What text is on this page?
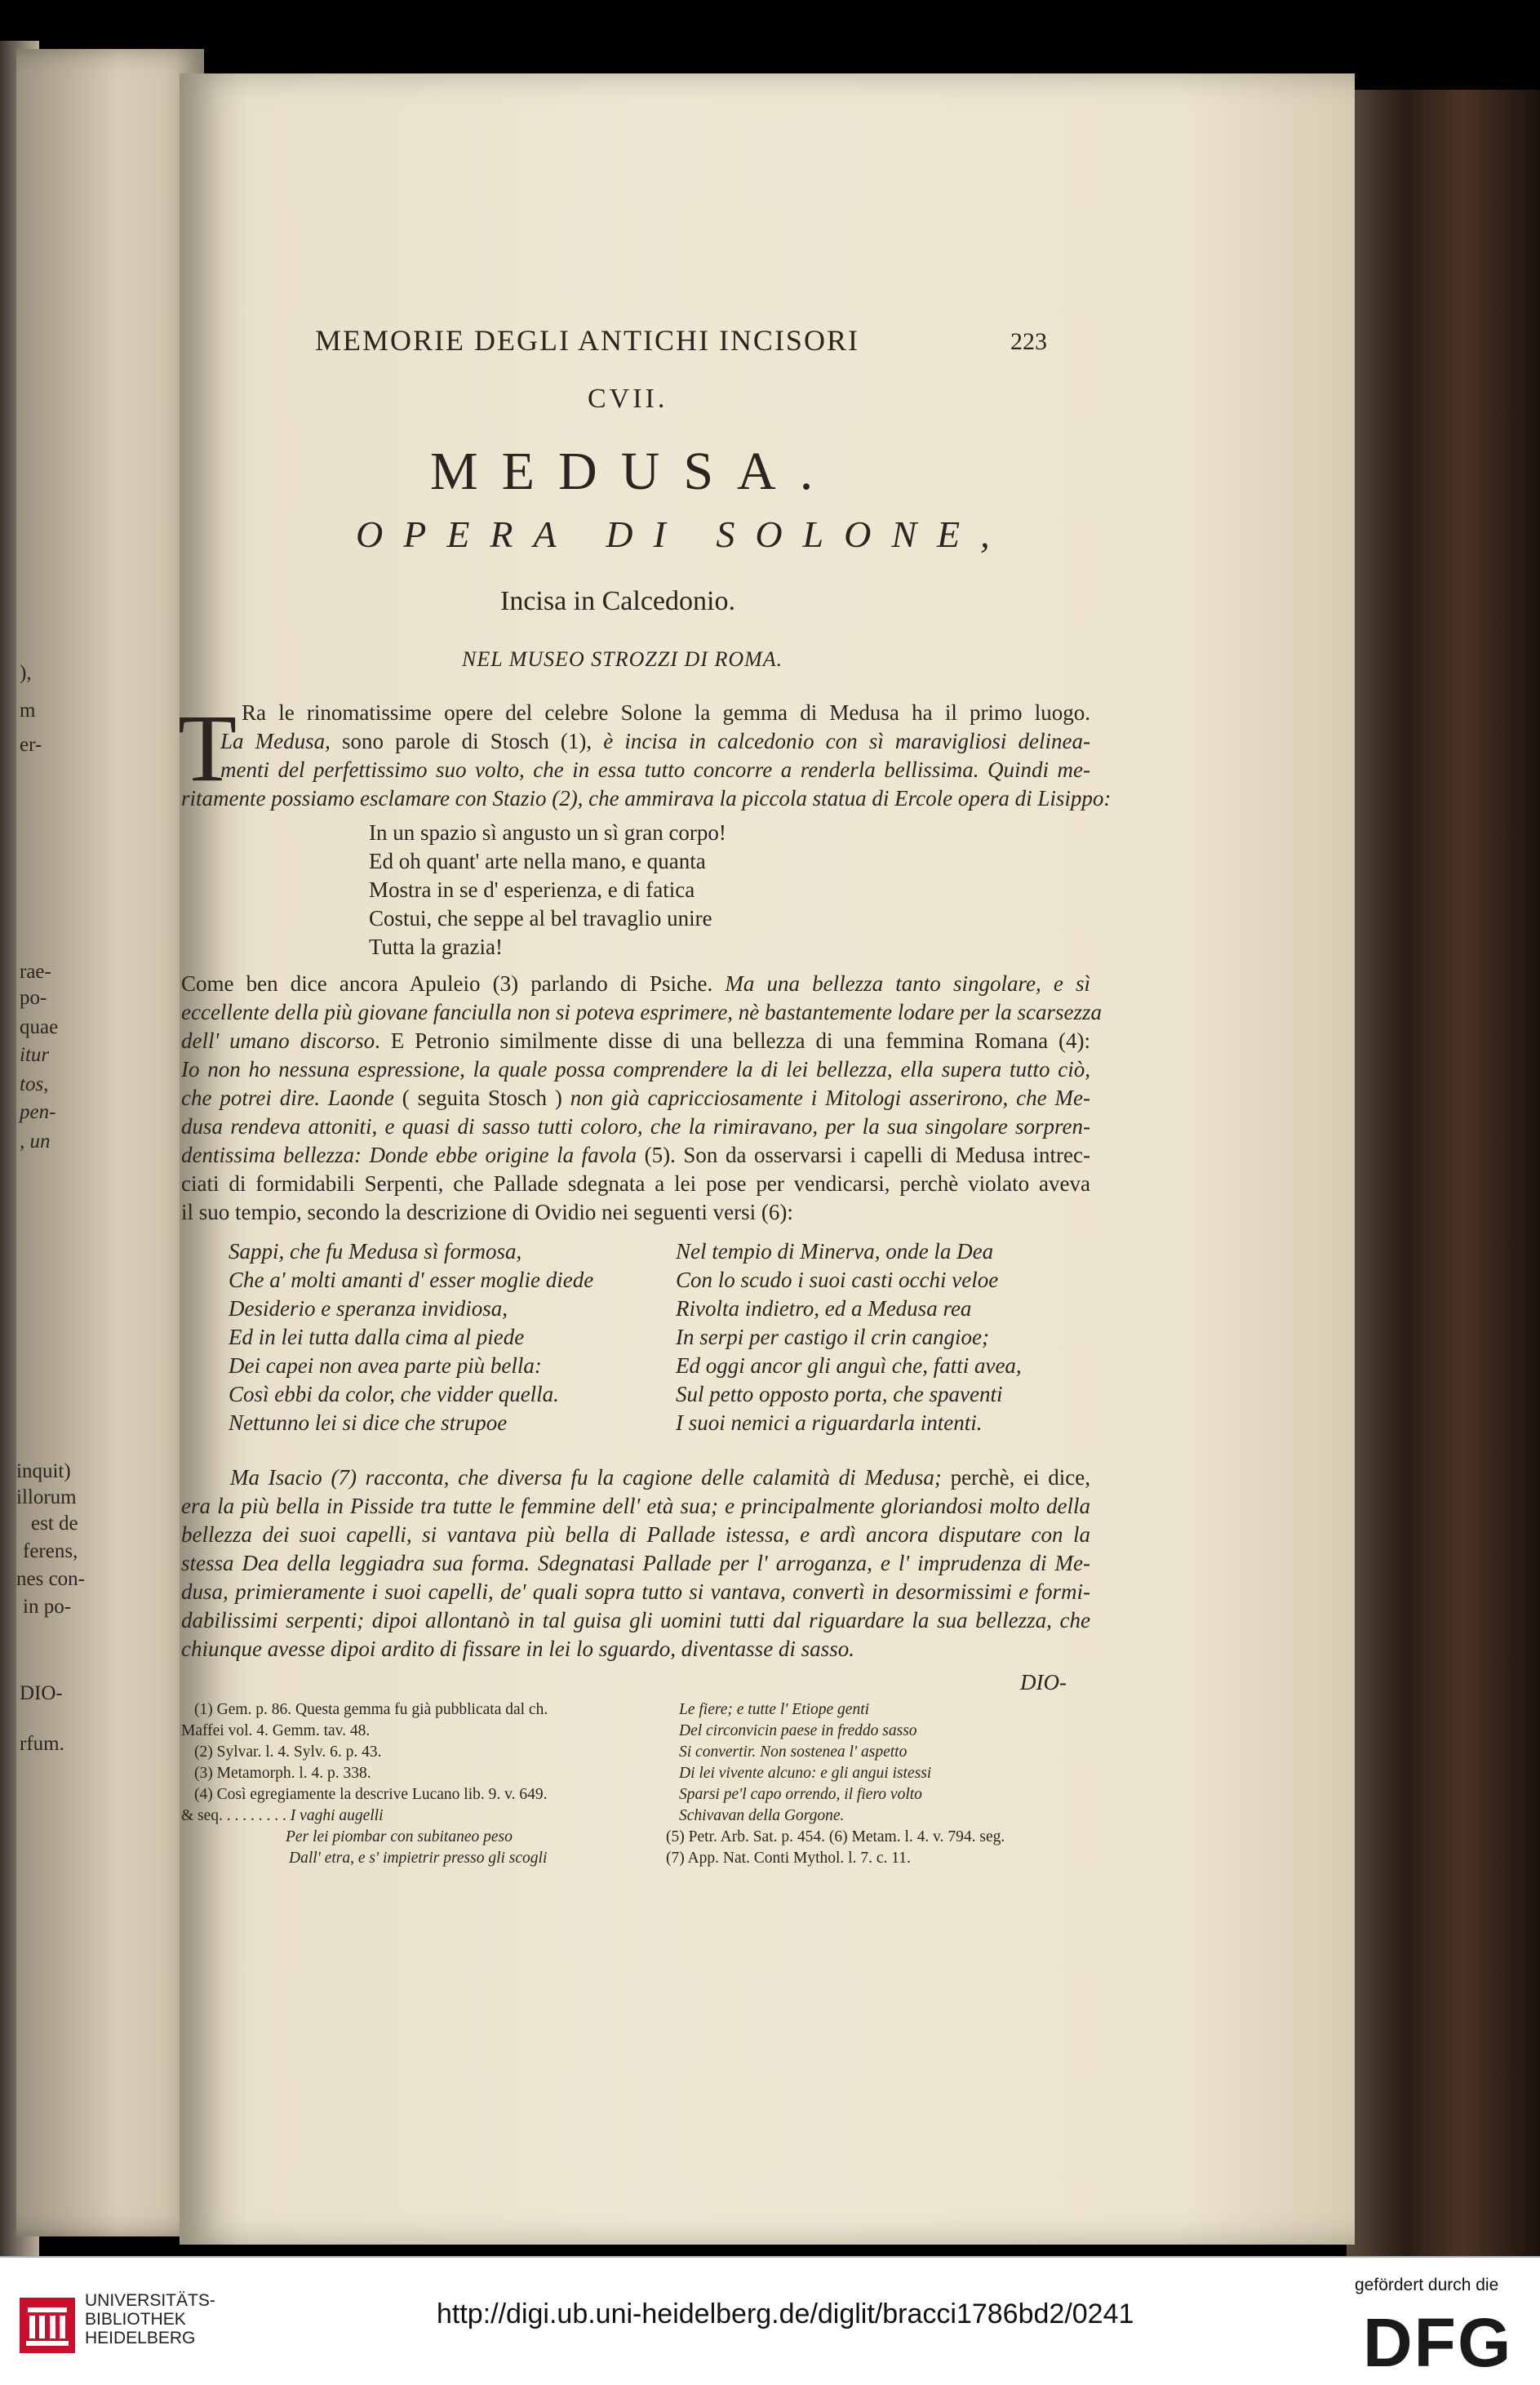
),
m
er-
rae-
po-
quae
itur
tos,
pen-
, un
inquit)
illorum
est de
ferens,
nes con-
in po-
DIO-
rfum.
MEMORIE DEGLI ANTICHI INCISORI	223
CVII.
MEDUSA.
OPERA DI SOLONE,
Incisa in Calcedonio.
NEL MUSEO STROZZI DI ROMA.
T Ra le rinomatissime opere del celebre Solone la gemma di Medusa ha il primo luogo.
La Medusa, sono parole di Stosch (1), è incisa in calcedonio con sì maravigliosi delinea-
menti del perfettissimo suo volto, che in essa tutto concorre a renderla bellissima. Quindi me-
ritamente possiamo esclamare con Stazio (2), che ammirava la piccola statua di Ercole opera di Lisippo:
In un spazio sì angusto un sì gran corpo!
Ed oh quant' arte nella mano, e quanta
Mostra in se d' esperienza, e di fatica
Costui, che seppe al bel travaglio unire
Tutta la grazia!
Come ben dice ancora Apuleio (3) parlando di Psiche. Ma una bellezza tanto singolare, e sì
eccellente della più giovane fanciulla non si poteva esprimere, nè bastantemente lodare per la scarsezza
dell' umano discorso. E Petronio similmente disse di una bellezza di una femmina Romana (4):
Io non ho nessuna espressione, la quale possa comprendere la di lei bellezza, ella supera tutto ciò,
che potrei dire. Laonde ( seguita Stosch ) non già capricciosamente i Mitologi asserirono, che Me-
dusa rendeva attoniti, e quasi di sasso tutti coloro, che la rimiravano, per la sua singolare sorpren-
dentissima bellezza: Donde ebbe origine la favola (5). Son da osservarsi i capelli di Medusa intrec-
ciati di formidabili Serpenti, che Pallade sdegnata a lei pose per vendicarsi, perchè violato aveva
il suo tempio, secondo la descrizione di Ovidio nei seguenti versi (6):
Sappi, che fu Medusa sì formosa,
Che a' molti amanti d' esser moglie diede
Desiderio e speranza invidiosa,
Ed in lei tutta dalla cima al piede
Dei capei non avea parte più bella:
Così ebbi da color, che vidder quella.
Nettunno lei si dice che strupoe
Nel tempio di Minerva, onde la Dea
Con lo scudo i suoi casti occhi veloe
Rivolta indietro, ed a Medusa rea
In serpi per castigo il crin cangioe;
Ed oggi ancor gli anguì che, fatti avea,
Sul petto opposto porta, che spaventi
I suoi nemici a riguardarla intenti.
Ma Isacio (7) racconta, che diversa fu la cagione delle calamità di Medusa; perchè, ei dice,
era la più bella in Pisside tra tutte le femmine dell' età sua; e principalmente gloriandosi molto della
bellezza dei suoi capelli, si vantava più bella di Pallade istessa, e ardì ancora disputare con la
stessa Dea della leggiadra sua forma. Sdegnatasi Pallade per l' arroganza, e l' imprudenza di Me-
dusa, primieramente i suoi capelli, de' quali sopra tutto si vantava, convertì in desormissimi e formi-
dabilissimi serpenti; dipoi allontanò in tal guisa gli uomini tutti dal riguardare la sua bellezza, che
chiunque avesse dipoi ardito di fissare in lei lo sguardo, diventasse di sasso.
DIO-
(1) Gem. p. 86. Questa gemma fu già pubblicata dal ch.
Maffei vol. 4. Gemm. tav. 48.
(2) Sylvar. l. 4. Sylv. 6. p. 43.
(3) Metamorph. l. 4. p. 338.
(4) Così egregiamente la descrive Lucano lib. 9. v. 649.
& seq. . . . . . . . . I vaghi augelli
Per lei piombar con subitaneo peso
Dall' etra, e s' impietrir presso gli scogli
Le fiere; e tutte l' Etiope genti
Del circonvicin paese in freddo sasso
Si convertir. Non sostenea l' aspetto
Di lei vivente alcuno: e gli angui istessi
Sparsi pe'l capo orrendo, il fiero volto
Schivavan della Gorgone.
(5) Petr. Arb. Sat. p. 454. (6) Metam. l. 4. v. 794. seg.
(7) App. Nat. Conti Mythol. l. 7. c. 11.
UNIVERSITÄTS-
BIBLIOTHEK
HEIDELBERG
http://digi.ub.uni-heidelberg.de/diglit/bracci1786bd2/0241
gefördert durch die
DFG
